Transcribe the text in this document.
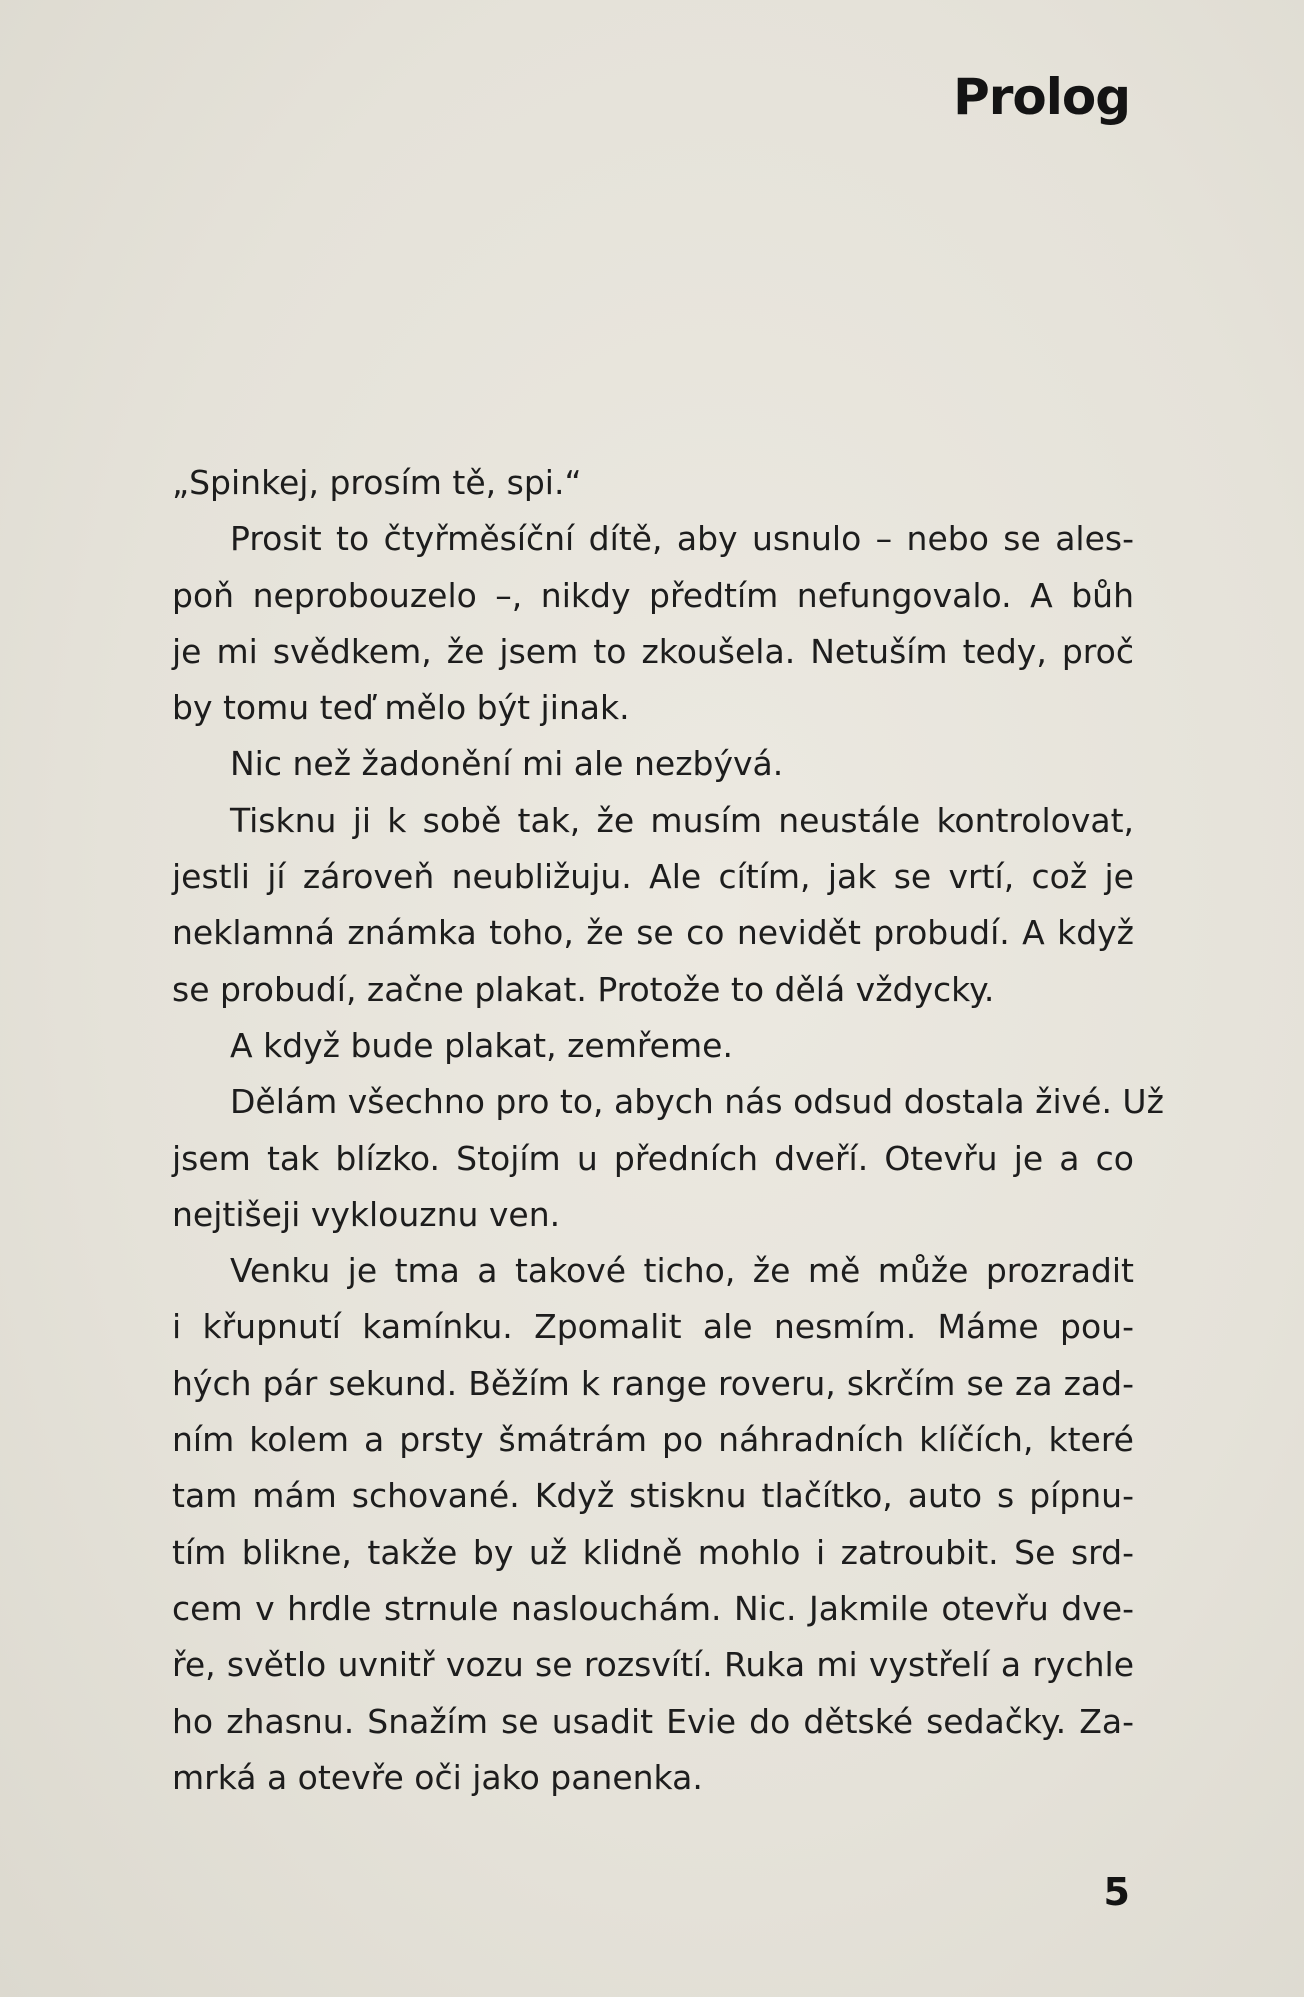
Prolog
„Spinkej, prosím tě, spi.“
Prosit to čtyřměsíční dítě, aby usnulo – nebo se ales-
poň neprobouzelo –, nikdy předtím nefungovalo. A bůh
je mi svědkem, že jsem to zkoušela. Netuším tedy, proč
by tomu teď mělo být jinak.
Nic než žadonění mi ale nezbývá.
Tisknu ji k sobě tak, že musím neustále kontrolovat,
jestli jí zároveň neubližuju. Ale cítím, jak se vrtí, což je
neklamná známka toho, že se co nevidět probudí. A když
se probudí, začne plakat. Protože to dělá vždycky.
A když bude plakat, zemřeme.
Dělám všechno pro to, abych nás odsud dostala živé. Už
jsem tak blízko. Stojím u předních dveří. Otevřu je a co
nejtišeji vyklouznu ven.
Venku je tma a takové ticho, že mě může prozradit
i křupnutí kamínku. Zpomalit ale nesmím. Máme pou-
hých pár sekund. Běžím k range roveru, skrčím se za zad-
ním kolem a prsty šmátrám po náhradních klíčích, které
tam mám schované. Když stisknu tlačítko, auto s pípnu-
tím blikne, takže by už klidně mohlo i zatroubit. Se srd-
cem v hrdle strnule naslouchám. Nic. Jakmile otevřu dve-
ře, světlo uvnitř vozu se rozsvítí. Ruka mi vystřelí a rychle
ho zhasnu. Snažím se usadit Evie do dětské sedačky. Za-
mrká a otevře oči jako panenka.
5
